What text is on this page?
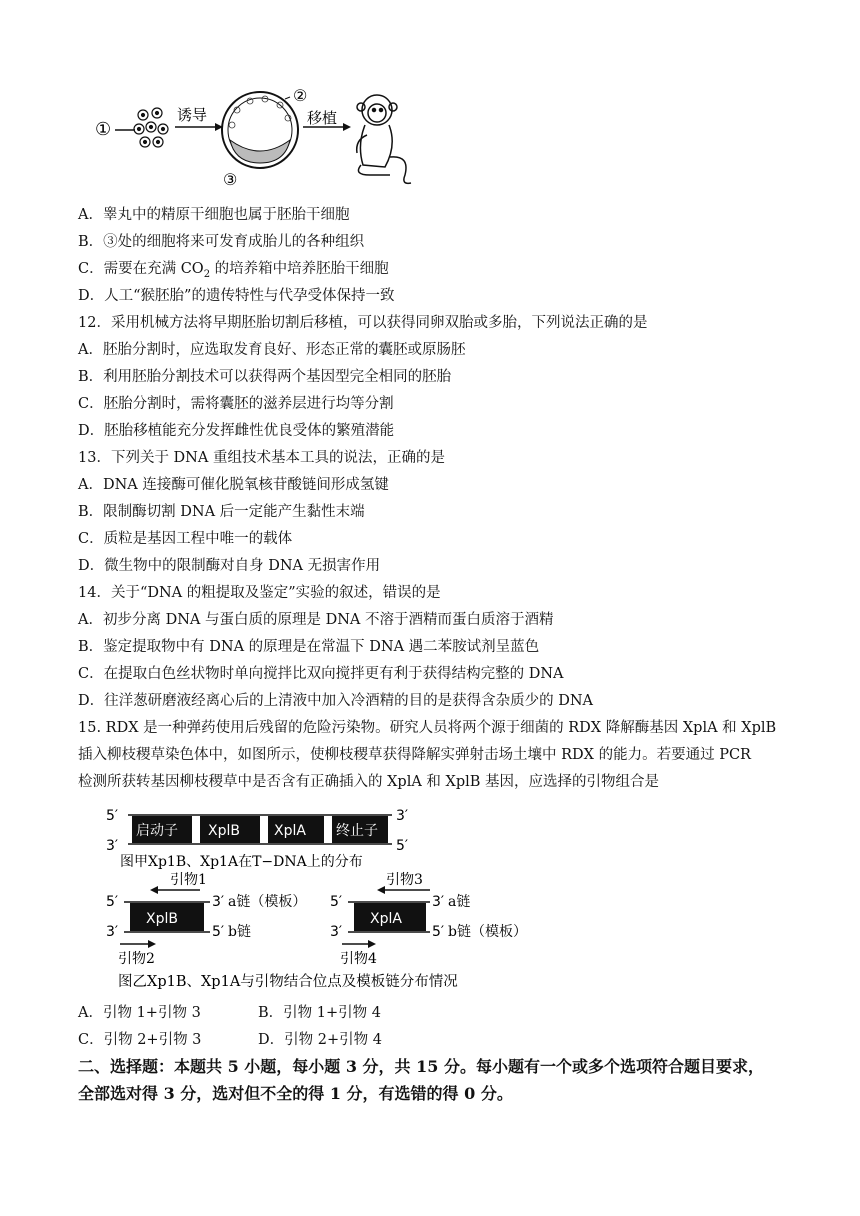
①
诱导
②
③
移植
A．睾丸中的精原干细胞也属于胚胎干细胞
B．③处的细胞将来可发育成胎儿的各种组织
C．需要在充满 $CO_2$ 的培养箱中培养胚胎干细胞
D．人工“猴胚胎”的遗传特性与代孕受体保持一致
12．采用机械方法将早期胚胎切割后移植，可以获得同卵双胎或多胎，下列说法正确的是
A．胚胎分割时，应选取发育良好、形态正常的囊胚或原肠胚
B．利用胚胎分割技术可以获得两个基因型完全相同的胚胎
C．胚胎分割时，需将囊胚的滋养层进行均等分割
D．胚胎移植能充分发挥雌性优良受体的繁殖潜能
13．下列关于 DNA 重组技术基本工具的说法，正确的是
A．DNA 连接酶可催化脱氧核苷酸链间形成氢键
B．限制酶切割 DNA 后一定能产生黏性末端
C．质粒是基因工程中唯一的载体
D．微生物中的限制酶对自身 DNA 无损害作用
14．关于“DNA 的粗提取及鉴定”实验的叙述，错误的是
A．初步分离 DNA 与蛋白质的原理是 DNA 不溶于酒精而蛋白质溶于酒精
B．鉴定提取物中有 DNA 的原理是在常温下 DNA 遇二苯胺试剂呈蓝色
C．在提取白色丝状物时单向搅拌比双向搅拌更有利于获得结构完整的 DNA
D．往洋葱研磨液经离心后的上清液中加入冷酒精的目的是获得含杂质少的 DNA
15. RDX 是一种弹药使用后残留的危险污染物。研究人员将两个源于细菌的 RDX 降解酶基因 XplA 和 XplB
插入柳枝稷草染色体中，如图所示，使柳枝稷草获得降解实弹射击场土壤中 RDX 的能力。若要通过 PCR
检测所获转基因柳枝稷草中是否含有正确插入的 XplA 和 XplB 基因，应选择的引物组合是
5′	3′
3′	5′
启动子 XplB XplA 终止子
图甲Xp1B、Xp1A在T−DNA上的分布
引物1
5′
XplB
3′
3′ a链（模板）
5′ b链
引物2
引物3
5′
XplA
3′
3′ a链
5′ b链（模板）
引物4
图乙Xp1B、Xp1A与引物结合位点及模板链分布情况
A．引物 1+引物 3	B．引物 1+引物 4
C．引物 2+引物 3	D．引物 2+引物 4
二、选择题：本题共 5 小题，每小题 3 分，共 15 分。每小题有一个或多个选项符合题目要求，
全部选对得 3 分，选对但不全的得 1 分，有选错的得 0 分。
